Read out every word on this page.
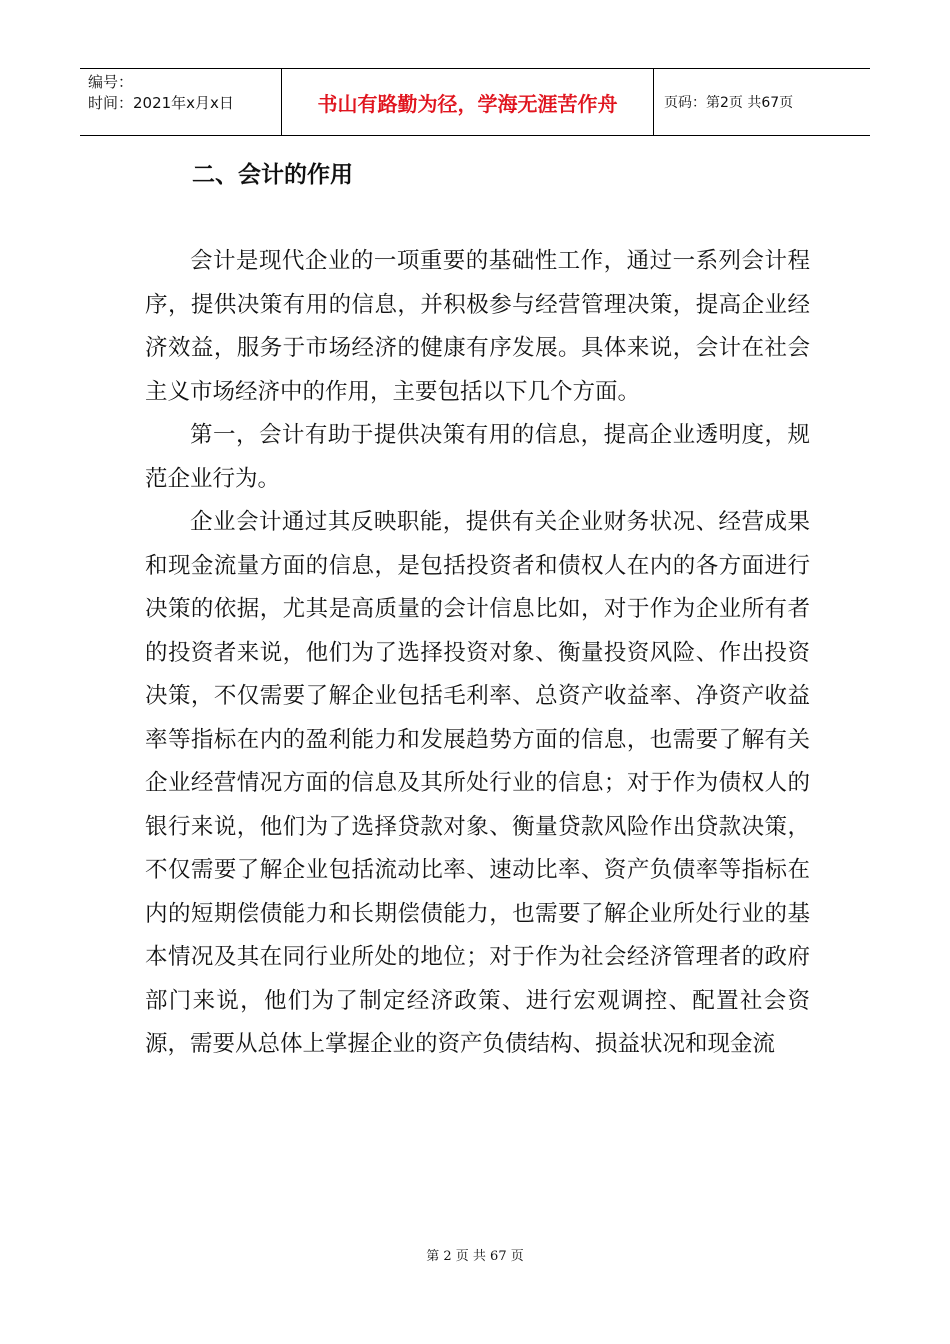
编号：
时间：2021年x月x日	书山有路勤为径，学海无涯苦作舟	页码：第2页 共67页
二、会计的作用

会计是现代企业的一项重要的基础性工作，通过一系列会计程序，提供决策有用的信息，并积极参与经营管理决策，提高企业经济效益，服务于市场经济的健康有序发展。具体来说，会计在社会主义市场经济中的作用，主要包括以下几个方面。

第一，会计有助于提供决策有用的信息，提高企业透明度，规范企业行为。

企业会计通过其反映职能，提供有关企业财务状况、经营成果和现金流量方面的信息，是包括投资者和债权人在内的各方面进行决策的依据，尤其是高质量的会计信息比如，对于作为企业所有者的投资者来说，他们为了选择投资对象、衡量投资风险、作出投资决策，不仅需要了解企业包括毛利率、总资产收益率、净资产收益率等指标在内的盈利能力和发展趋势方面的信息，也需要了解有关企业经营情况方面的信息及其所处行业的信息；对于作为债权人的银行来说，他们为了选择贷款对象、衡量贷款风险作出贷款决策，不仅需要了解企业包括流动比率、速动比率、资产负债率等指标在内的短期偿债能力和长期偿债能力，也需要了解企业所处行业的基本情况及其在同行业所处的地位；对于作为社会经济管理者的政府部门来说，他们为了制定经济政策、进行宏观调控、配置社会资源，需要从总体上掌握企业的资产负债结构、损益状况和现金流

第 2 页 共 67 页
